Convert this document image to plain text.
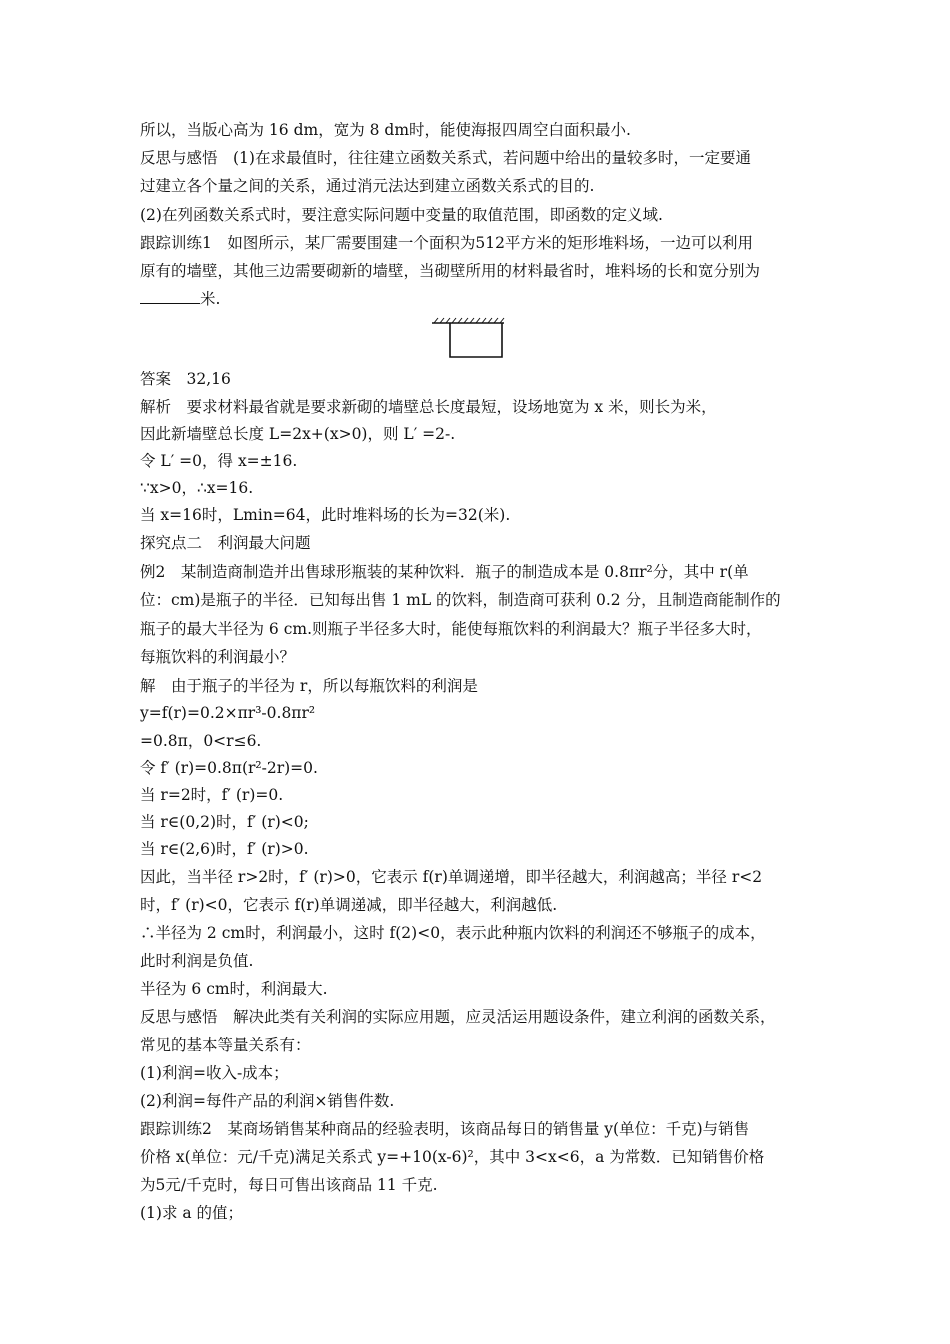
所以，当版心高为 16 dm，宽为 8 dm时，能使海报四周空白面积最小.
反思与感悟　(1)在求最值时，往往建立函数关系式，若问题中给出的量较多时，一定要通
过建立各个量之间的关系，通过消元法达到建立函数关系式的目的.
(2)在列函数关系式时，要注意实际问题中变量的取值范围，即函数的定义域.
跟踪训练1　如图所示，某厂需要围建一个面积为512平方米的矩形堆料场，一边可以利用
原有的墙壁，其他三边需要砌新的墙壁，当砌壁所用的材料最省时，堆料场的长和宽分别为
米.
答案　32,16
解析　要求材料最省就是要求新砌的墙壁总长度最短，设场地宽为 x 米，则长为米，
因此新墙壁总长度 L=2x+(x>0)，则 L′ =2-.
令 L′ =0，得 x=±16.
∵x>0，∴x=16.
当 x=16时，Lmin=64，此时堆料场的长为=32(米).
探究点二　利润最大问题
例2　某制造商制造并出售球形瓶装的某种饮料．瓶子的制造成本是 0.8πr²分，其中 r(单
位：cm)是瓶子的半径．已知每出售 1 mL 的饮料，制造商可获利 0.2 分，且制造商能制作的
瓶子的最大半径为 6 cm.则瓶子半径多大时，能使每瓶饮料的利润最大？瓶子半径多大时，
每瓶饮料的利润最小？
解　由于瓶子的半径为 r，所以每瓶饮料的利润是
y=f(r)=0.2×πr³-0.8πr²
=0.8π，0<r≤6.
令 f′ (r)=0.8π(r²-2r)=0.
当 r=2时，f′ (r)=0.
当 r∈(0,2)时，f′ (r)<0;
当 r∈(2,6)时，f′ (r)>0.
因此，当半径 r>2时，f′ (r)>0，它表示 f(r)单调递增，即半径越大，利润越高；半径 r<2
时，f′ (r)<0，它表示 f(r)单调递减，即半径越大，利润越低.
∴半径为 2 cm时，利润最小，这时 f(2)<0，表示此种瓶内饮料的利润还不够瓶子的成本，
此时利润是负值.
半径为 6 cm时，利润最大.
反思与感悟　解决此类有关利润的实际应用题，应灵活运用题设条件，建立利润的函数关系，
常见的基本等量关系有：
(1)利润=收入-成本；
(2)利润=每件产品的利润×销售件数.
跟踪训练2　某商场销售某种商品的经验表明，该商品每日的销售量 y(单位：千克)与销售
价格 x(单位：元/千克)满足关系式 y=+10(x-6)²，其中 3<x<6，a 为常数．已知销售价格
为5元/千克时，每日可售出该商品 11 千克.
(1)求 a 的值；
